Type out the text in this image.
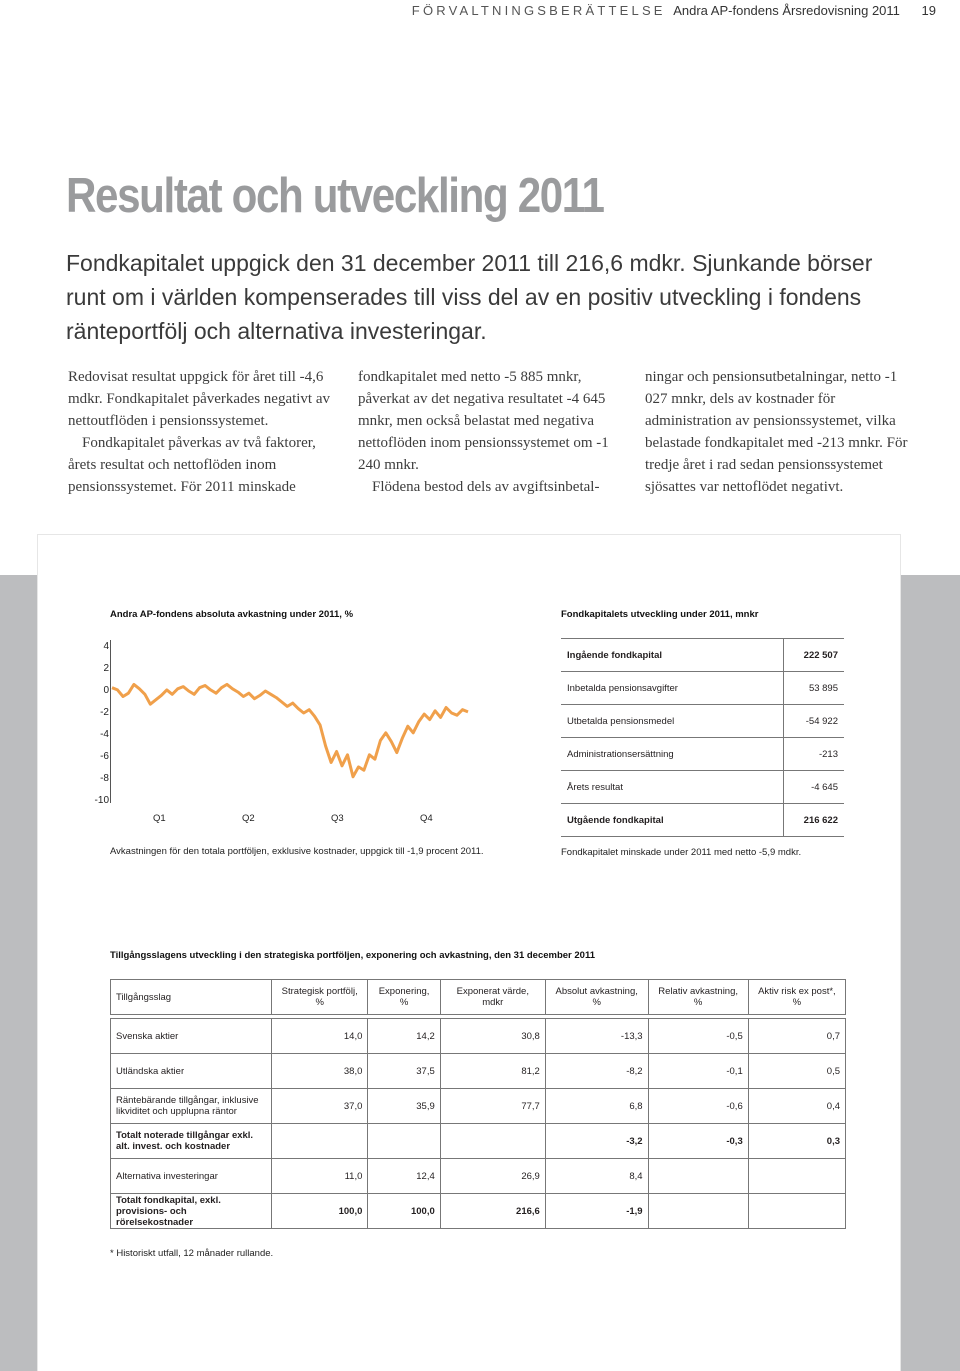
FÖRVALTNINGSBERÄTTELSE Andra AP-fondens Årsredovisning 2011 19
Resultat och utveckling 2011

Fondkapitalet uppgick den 31 december 2011 till 216,6 mdkr. Sjunkande börser runt om i världen kompenserades till viss del av en positiv utveckling i fondens ränteportfölj och alternativa investeringar.

Redovisat resultat uppgick för året till -4,6 mdkr. Fondkapitalet påverkades negativt av nettoutflöden i pensionssystemet.

Fondkapitalet påverkas av två faktorer, årets resultat och nettoflöden inom pensionssystemet. För 2011 minskade

fondkapitalet med netto -5 885 mnkr, påverkat av det negativa resultatet -4 645 mnkr, men också belastat med negativa nettoflöden inom pensionssystemet om -1 240 mnkr.

Flödena bestod dels av avgiftsinbetal-

ningar och pensionsutbetalningar, netto -1 027 mnkr, dels av kostnader för administration av pensionssystemet, vilka belastade fondkapitalet med -213 mnkr. För tredje året i rad sedan pensionssystemet sjösattes var nettoflödet negativt.

Andra AP-fondens absoluta avkastning under 2011, %
4
2
0
-2
-4
-6
-8
-10
Q1	Q2	Q3	Q4
Avkastningen för den totala portföljen, exklusive kostnader, uppgick till -1,9 procent 2011.
Fondkapitalets utveckling under 2011, mnkr
Ingående fondkapital	222 507
Inbetalda pensionsavgifter	53 895
Utbetalda pensionsmedel	-54 922
Administrationsersättning	-213
Årets resultat	-4 645
Utgående fondkapital	216 622
Fondkapitalet minskade under 2011 med netto -5,9 mdkr.
Tillgångsslagens utveckling i den strategiska portföljen, exponering och avkastning, den 31 december 2011
Tillgångsslag	Strategisk portfölj, %	Exponering, %	Exponerat värde, mdkr	Absolut avkastning, %	Relativ avkastning, %	Aktiv risk ex post*, %

Svenska aktier	14,0	14,2	30,8	-13,3	-0,5	0,7
Utländska aktier	38,0	37,5	81,2	-8,2	-0,1	0,5
Räntebärande tillgångar, inklusive likviditet och upplupna räntor	37,0	35,9	77,7	6,8	-0,6	0,4
Totalt noterade tillgångar exkl. alt. invest. och kostnader				-3,2	-0,3	0,3
Alternativa investeringar	11,0	12,4	26,9	8,4		
Totalt fondkapital, exkl. provisions- och rörelsekostnader	100,0	100,0	216,6	-1,9		
* Historiskt utfall, 12 månader rullande.
